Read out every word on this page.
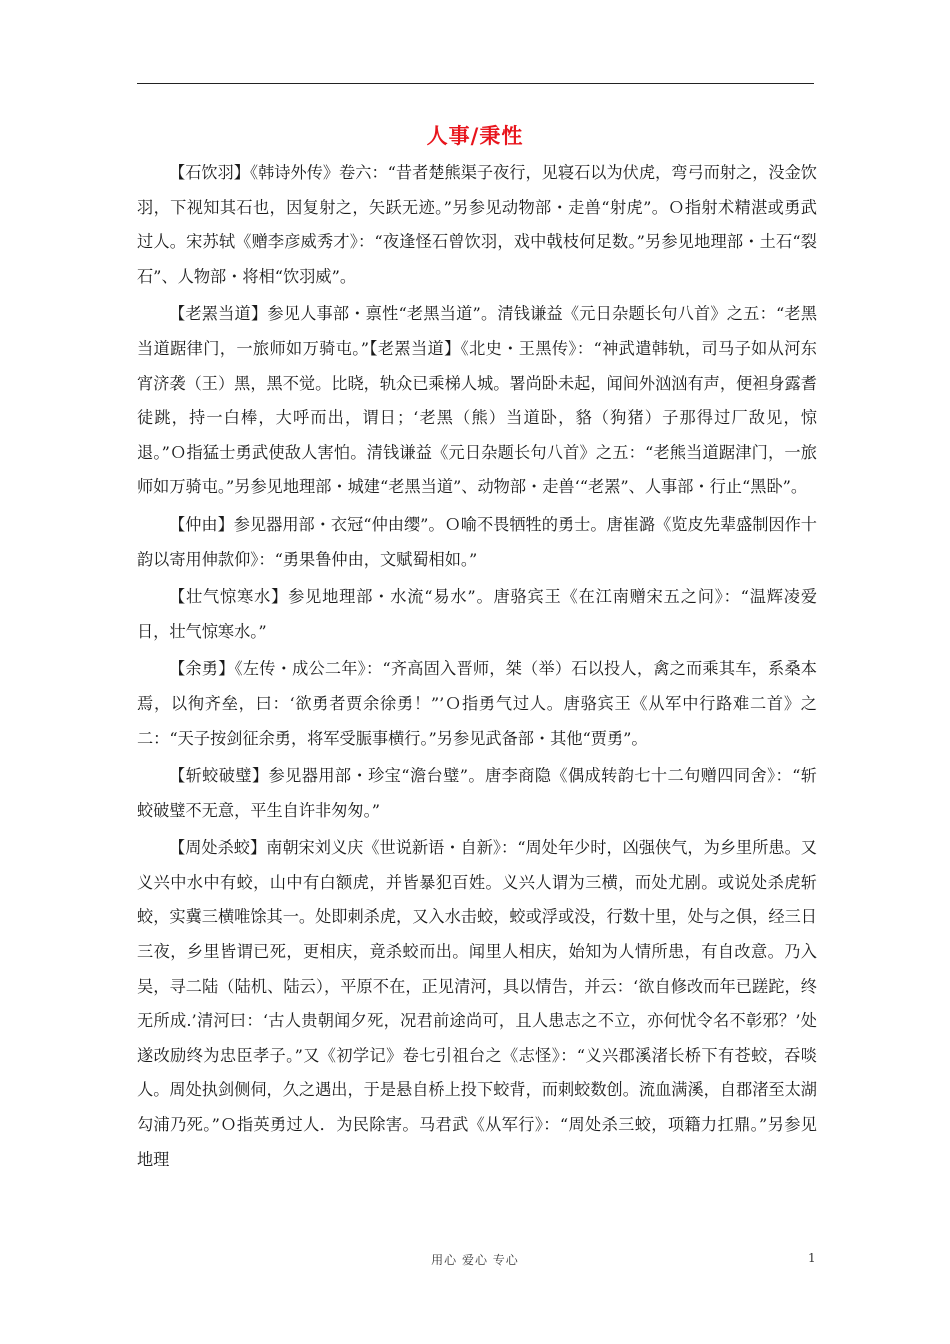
人事/秉性

【石饮羽】《韩诗外传》卷六：“昔者楚熊渠子夜行，见寝石以为伏虎，弯弓而射之，没金饮羽，下视知其石也，因复射之，矢跃无迹。”另参见动物部・走兽“射虎”。Ｏ指射术精湛或勇武过人。宋苏轼《赠李彦威秀才》：“夜逢怪石曾饮羽，戏中戟枝何足数。”另参见地理部・土石“裂石”、人物部・将相“饮羽威”。

【老罴当道】参见人事部・禀性“老黑当道”。清钱谦益《元日杂题长句八首》之五：“老黑当道踞律门，一旅师如万骑屯。”【老罴当道】《北史・王黑传》：“神武遣韩轨，司马子如从河东宵济袭（王）黑，黑不觉。比晓，轨众已乘梯人城。署尚卧未起，闻间外汹汹有声，便袒身露耆徒跳，持一白棒，大呼而出，谓日；‘老黑（熊）当道卧，貉（狗猪）子那得过厂敌见，惊退。”Ｏ指猛士勇武使敌人害怕。清钱谦益《元日杂题长句八首》之五：“老熊当道踞津门，一旅师如万骑屯。”另参见地理部・城建“老黑当道”、动物部・走兽‘“老罴”、人事部・行止“黑卧”。

【仲由】参见器用部・衣冠“仲由缨”。Ｏ喻不畏牺牲的勇士。唐崔潞《览皮先辈盛制因作十韵以寄用伸款仰》：“勇果鲁仲由，文赋蜀相如。”

【壮气惊寒水】参见地理部・水流“易水”。唐骆宾王《在江南赠宋五之问》：“温辉凌爱日，壮气惊寒水。”

【余勇】《左传・成公二年》：“齐高固入晋师，桀（举）石以投人，禽之而乘其车，系桑本焉，以徇齐垒，曰：‘欲勇者贾余徐勇！”’Ｏ指勇气过人。唐骆宾王《从军中行路难二首》之二：“天子按剑征余勇，将军受脤事横行。”另参见武备部・其他“贾勇”。

【斩蛟破璧】参见器用部・珍宝“澹台璧”。唐李商隐《偶成转韵七十二句赠四同舍》：“斩蛟破璧不无意，平生自许非匆匆。”

【周处杀蛟】南朝宋刘义庆《世说新语・自新》：“周处年少时，凶强侠气，为乡里所患。又义兴中水中有蛟，山中有白额虎，并皆暴犯百姓。义兴人谓为三横，而处尤剧。或说处杀虎斩蛟，实冀三横唯馀其一。处即刺杀虎，又入水击蛟，蛟或浮或没，行数十里，处与之俱，经三日三夜，乡里皆谓已死，更相庆，竟杀蛟而出。闻里人相庆，始知为人情所患，有自改意。乃入吴，寻二陆（陆机、陆云），平原不在，正见清河，具以情告，并云：‘欲自修改而年已蹉跎，终无所成.’清河曰：‘古人贵朝闻夕死，况君前途尚可，且人患志之不立，亦何忧令名不彰邪？’处遂改励终为忠臣孝子。”又《初学记》卷七引祖台之《志怪》：“义兴郡溪渚长桥下有苍蛟，吞啖人。周处执剑侧伺，久之遇出，于是悬自桥上投下蛟背，而刺蛟数创。流血满溪，自郡渚至太湖勾浦乃死。”Ｏ指英勇过人．为民除害。马君武《从军行》：“周处杀三蛟，项籍力扛鼎。”另参见地理

用心 爱心 专心	1
